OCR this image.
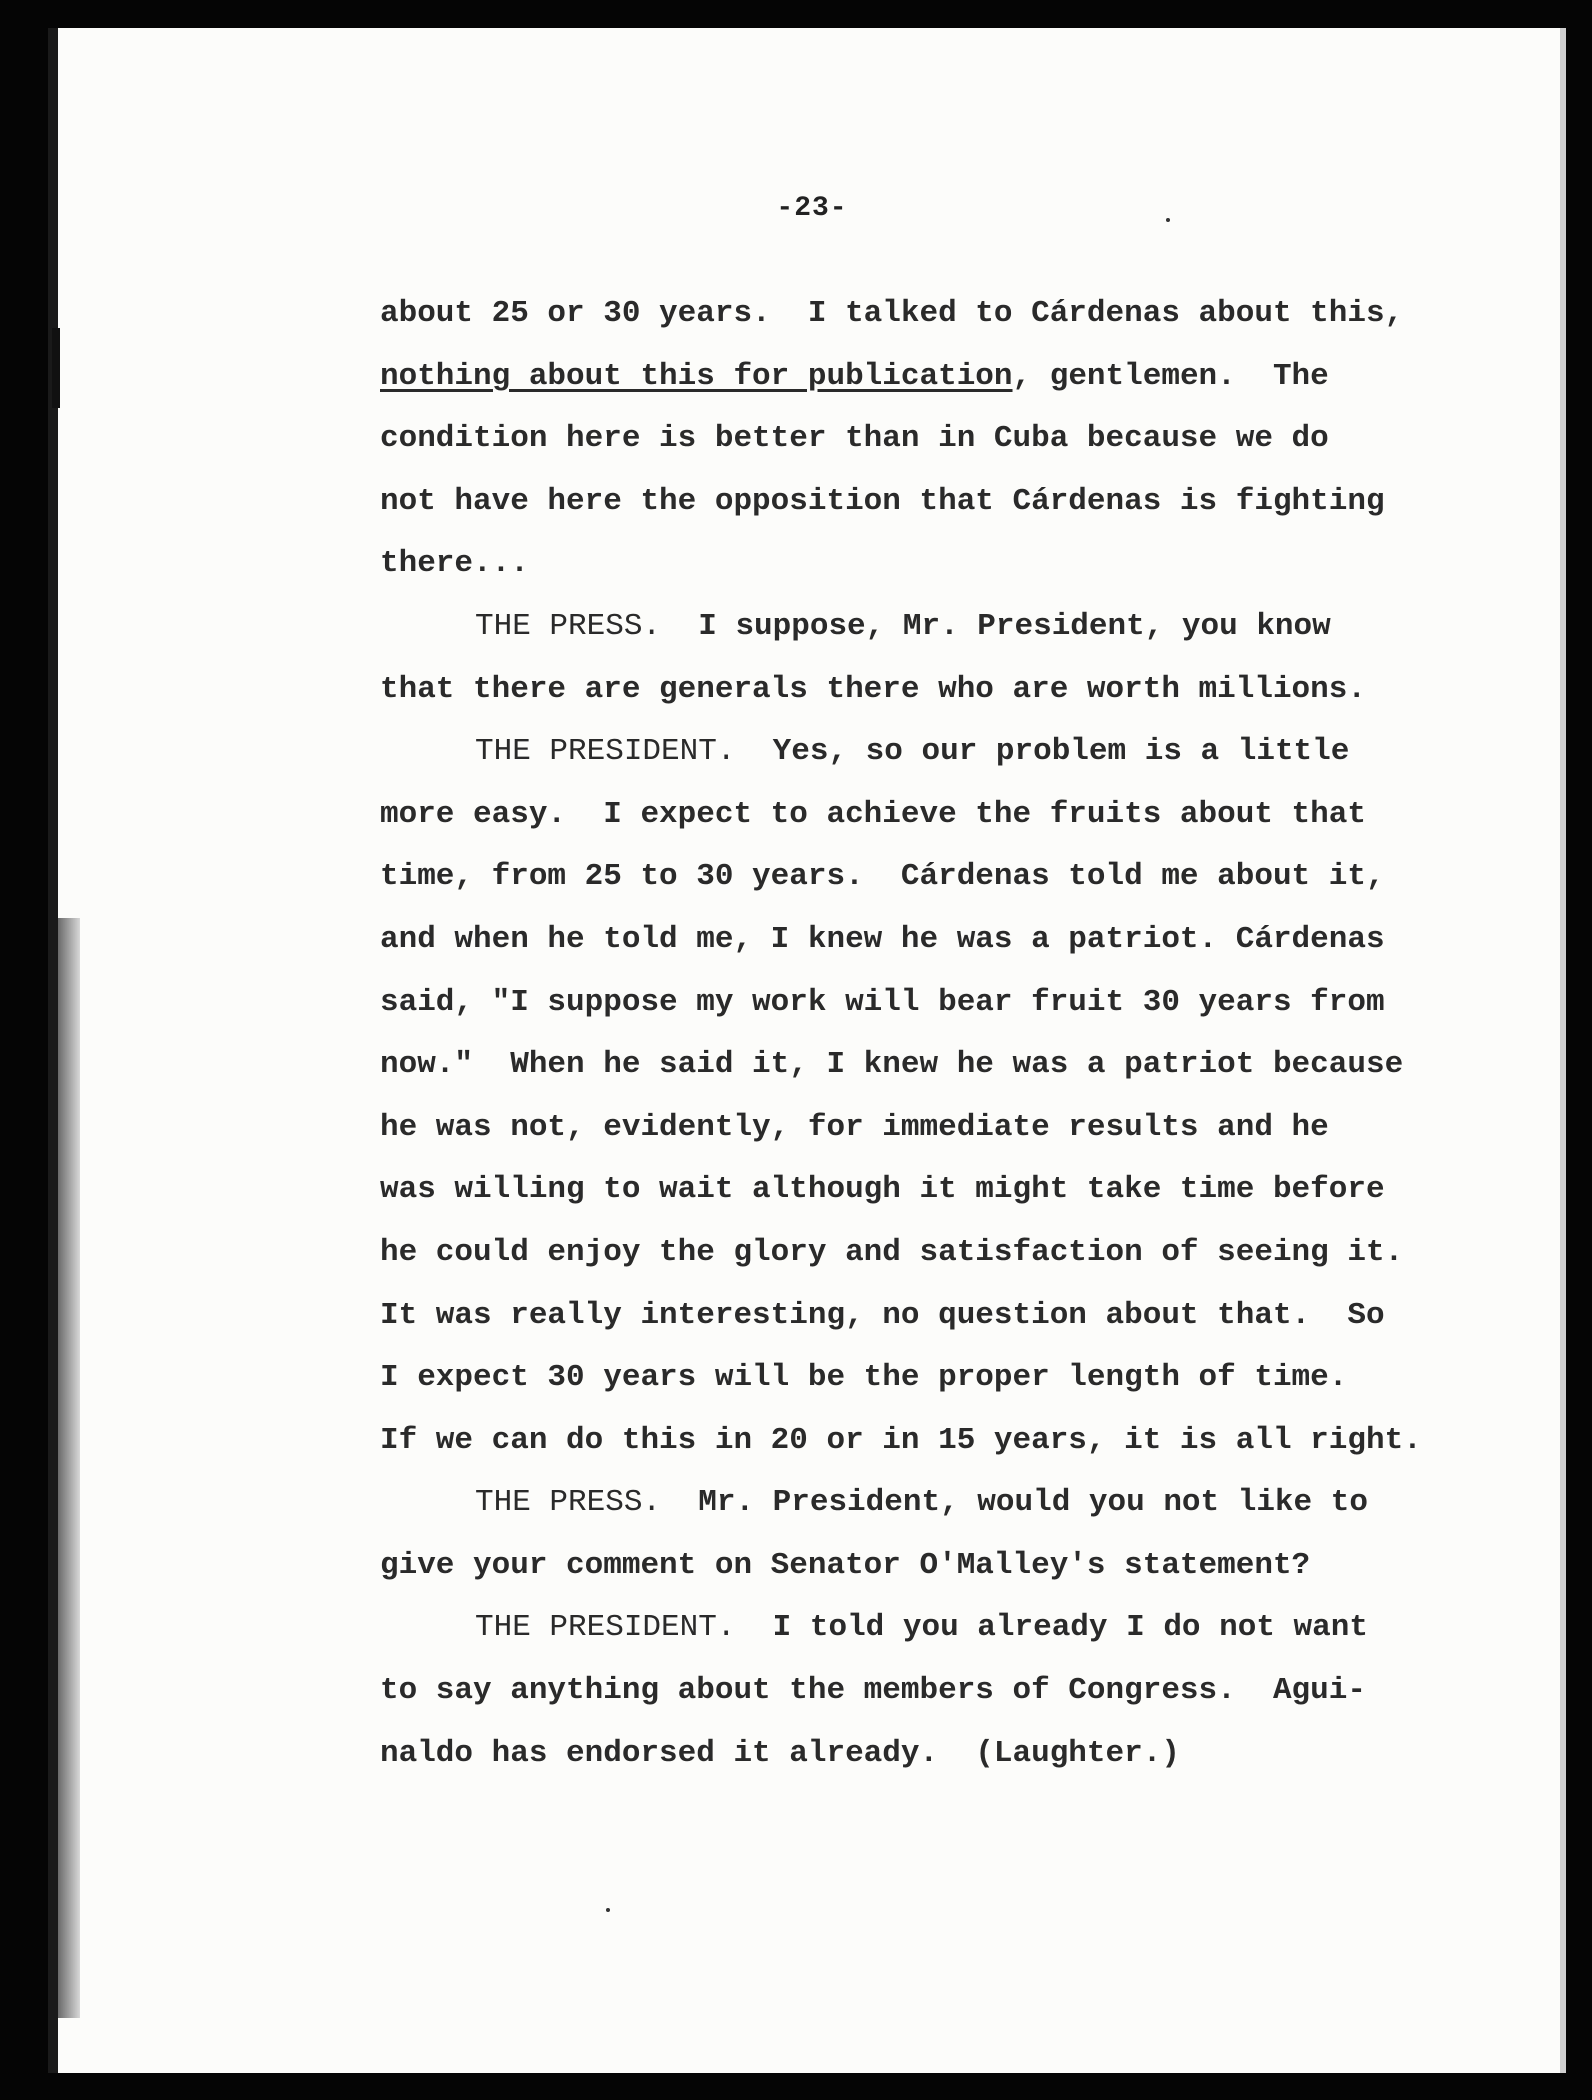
-23-
about 25 or 30 years.  I talked to Cárdenas about this,
nothing about this for publication, gentlemen.  The
condition here is better than in Cuba because we do
not have here the opposition that Cárdenas is fighting
there...
THE PRESS.  I suppose, Mr. President, you know
that there are generals there who are worth millions.
THE PRESIDENT.  Yes, so our problem is a little
more easy.  I expect to achieve the fruits about that
time, from 25 to 30 years.  Cárdenas told me about it,
and when he told me, I knew he was a patriot. Cárdenas
said, "I suppose my work will bear fruit 30 years from
now."  When he said it, I knew he was a patriot because
he was not, evidently, for immediate results and he
was willing to wait although it might take time before
he could enjoy the glory and satisfaction of seeing it.
It was really interesting, no question about that.  So
I expect 30 years will be the proper length of time.
If we can do this in 20 or in 15 years, it is all right.
THE PRESS.  Mr. President, would you not like to
give your comment on Senator O'Malley's statement?
THE PRESIDENT.  I told you already I do not want
to say anything about the members of Congress.  Agui-
naldo has endorsed it already.  (Laughter.)
